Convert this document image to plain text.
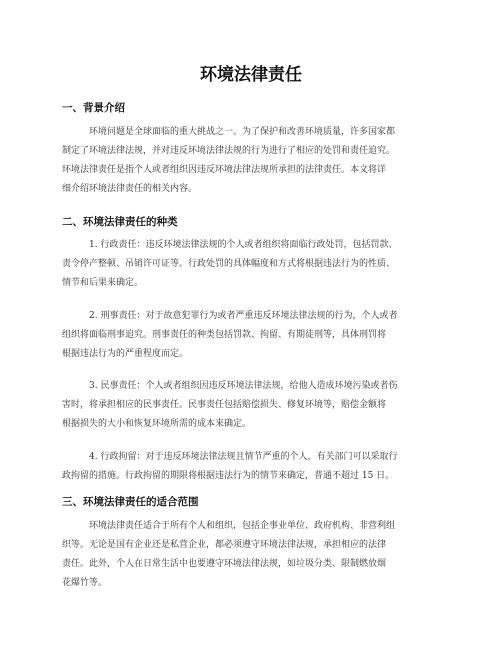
环境法律责任
一、背景介绍
环境问题是全球面临的重大挑战之一。为了保护和改善环境质量，许多国家都
制定了环境法律法规，并对违反环境法律法规的行为进行了相应的处罚和责任追究。
环境法律责任是指个人或者组织因违反环境法律法规所承担的法律责任。本文将详
细介绍环境法律责任的相关内容。
二、环境法律责任的种类
1. 行政责任：违反环境法律法规的个人或者组织将面临行政处罚，包括罚款、
责令停产整顿、吊销许可证等。行政处罚的具体幅度和方式将根据违法行为的性质、
情节和后果来确定。
2. 刑事责任：对于故意犯罪行为或者严重违反环境法律法规的行为，个人或者
组织将面临刑事追究。刑事责任的种类包括罚款、拘留、有期徒刑等，具体刑罚将
根据违法行为的严重程度而定。
3. 民事责任：个人或者组织因违反环境法律法规，给他人造成环境污染或者伤
害时，将承担相应的民事责任。民事责任包括赔偿损失、修复环境等，赔偿金额将
根据损失的大小和恢复环境所需的成本来确定。
4. 行政拘留：对于违反环境法律法规且情节严重的个人，有关部门可以采取行
政拘留的措施。行政拘留的期限将根据违法行为的情节来确定，普通不超过 15 日。
三、环境法律责任的适合范围
环境法律责任适合于所有个人和组织，包括企事业单位、政府机构、非营利组
织等。无论是国有企业还是私营企业，都必须遵守环境法律法规，承担相应的法律
责任。此外，个人在日常生活中也要遵守环境法律法规，如垃圾分类、限制燃放烟
花爆竹等。
